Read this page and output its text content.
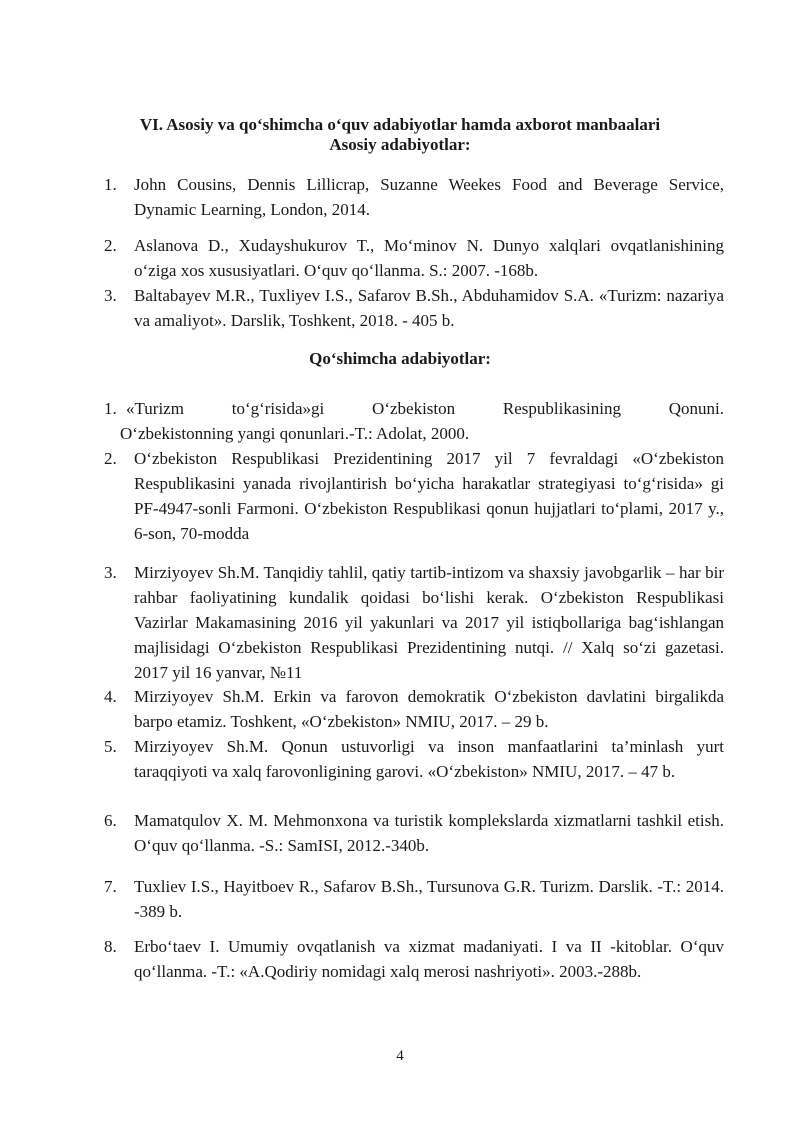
VI. Asosiy va qo‘shimcha o‘quv adabiyotlar hamda axborot manbaalari
Asosiy adabiyotlar:
1. John Cousins, Dennis Lillicrap, Suzanne Weekes Food and Beverage Service, Dynamic Learning, London, 2014.
2. Aslanova D., Xudayshukurov T., Mo‘minov N. Dunyo xalqlari ovqatlanishining o‘ziga xos xususiyatlari. O‘quv qo‘llanma. S.: 2007. -168b.
3. Baltabayev M.R., Tuxliyev I.S., Safarov B.Sh., Abduhamidov S.A. «Turizm: nazariya va amaliyot». Darslik, Toshkent, 2018. - 405 b.
Qo‘shimcha adabiyotlar:
1. «Turizm to‘g‘risida»gi O‘zbekiston Respublikasining Qonuni.
O‘zbekistonning yangi qonunlari.-T.: Adolat, 2000.
2. O‘zbekiston Respublikasi Prezidentining 2017 yil 7 fevraldagi «O‘zbekiston Respublikasini yanada rivojlantirish bo‘yicha harakatlar strategiyasi to‘g‘risida» gi PF-4947-sonli Farmoni. O‘zbekiston Respublikasi qonun hujjatlari to‘plami, 2017 y., 6-son, 70-modda
3. Mirziyoyev Sh.M. Tanqidiy tahlil, qatiy tartib-intizom va shaxsiy javobgarlik – har bir rahbar faoliyatining kundalik qoidasi bo‘lishi kerak. O‘zbekiston Respublikasi Vazirlar Makamasining 2016 yil yakunlari va 2017 yil istiqbollariga bag‘ishlangan majlisidagi O‘zbekiston Respublikasi Prezidentining nutqi. // Xalq so‘zi gazetasi. 2017 yil 16 yanvar, №11
4. Mirziyoyev Sh.M. Erkin va farovon demokratik O‘zbekiston davlatini birgalikda barpo etamiz. Toshkent, «O‘zbekiston» NMIU, 2017. – 29 b.
5. Mirziyoyev Sh.M. Qonun ustuvorligi va inson manfaatlarini ta’minlash yurt taraqqiyoti va xalq farovonligining garovi. «O‘zbekiston» NMIU, 2017. – 47 b.
6. Mamatqulov X. M. Mehmonxona va turistik komplekslarda xizmatlarni tashkil etish. O‘quv qo‘llanma. -S.: SamISI, 2012.-340b.
7. Tuxliev I.S., Hayitboev R., Safarov B.Sh., Tursunova G.R. Turizm. Darslik. -T.: 2014. -389 b.
8. Erbo‘taev I. Umumiy ovqatlanish va xizmat madaniyati. I va II -kitoblar. O‘quv qo‘llanma. -T.: «A.Qodiriy nomidagi xalq merosi nashriyoti». 2003.-288b.
4
